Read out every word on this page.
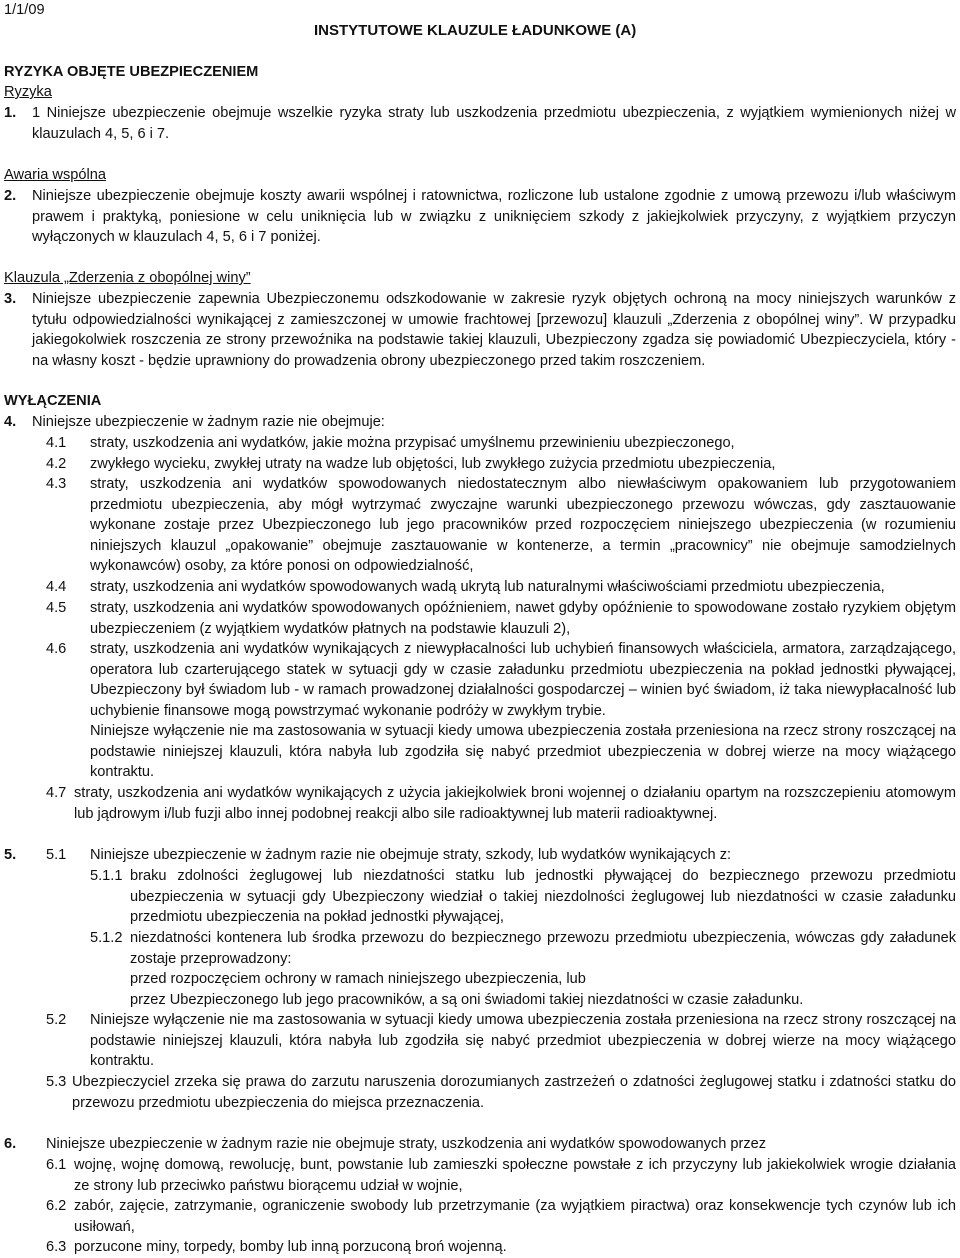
1/1/09
INSTYTUTOWE KLAUZULE ŁADUNKOWE (A)
RYZYKA OBJĘTE UBEZPIECZENIEM
Ryzyka
1. 1 Niniejsze ubezpieczenie obejmuje wszelkie ryzyka straty lub uszkodzenia przedmiotu ubezpieczenia, z wyjątkiem wymienionych niżej w klauzulach 4, 5, 6 i 7.
Awaria wspólna
2. Niniejsze ubezpieczenie obejmuje koszty awarii wspólnej i ratownictwa, rozliczone lub ustalone zgodnie z umową przewozu i/lub właściwym prawem i praktyką, poniesione w celu uniknięcia lub w związku z uniknięciem szkody z jakiejkolwiek przyczyny, z wyjątkiem przyczyn wyłączonych w klauzulach 4, 5, 6 i 7 poniżej.
Klauzula „Zderzenia z obopólnej winy”
3. Niniejsze ubezpieczenie zapewnia Ubezpieczonemu odszkodowanie w zakresie ryzyk objętych ochroną na mocy niniejszych warunków z tytułu odpowiedzialności wynikającej z zamieszczonej w umowie frachtowej [przewozu] klauzuli „Zderzenia z obopólnej winy”. W przypadku jakiegokolwiek roszczenia ze strony przewoźnika na podstawie takiej klauzuli, Ubezpieczony zgadza się powiadomić Ubezpieczyciela, który - na własny koszt - będzie uprawniony do prowadzenia obrony ubezpieczonego przed takim roszczeniem.
WYŁĄCZENIA
4. Niniejsze ubezpieczenie w żadnym razie nie obejmuje:
4.1 straty, uszkodzenia ani wydatków, jakie można przypisać umyślnemu przewinieniu ubezpieczonego,
4.2 zwykłego wycieku, zwykłej utraty na wadze lub objętości, lub zwykłego zużycia przedmiotu ubezpieczenia,
4.3 straty, uszkodzenia ani wydatków spowodowanych niedostatecznym albo niewłaściwym opakowaniem lub przygotowaniem przedmiotu ubezpieczenia, aby mógł wytrzymać zwyczajne warunki ubezpieczonego przewozu wówczas, gdy zasztauowanie wykonane zostaje przez Ubezpieczonego lub jego pracowników przed rozpoczęciem niniejszego ubezpieczenia (w rozumieniu niniejszych klauzul „opakowanie” obejmuje zasztauowanie w kontenerze, a termin „pracownicy” nie obejmuje samodzielnych wykonawców) osoby, za które ponosi on odpowiedzialność,
4.4 straty, uszkodzenia ani wydatków spowodowanych wadą ukrytą lub naturalnymi właściwościami przedmiotu ubezpieczenia,
4.5 straty, uszkodzenia ani wydatków spowodowanych opóźnieniem, nawet gdyby opóźnienie to spowodowane zostało ryzykiem objętym ubezpieczeniem (z wyjątkiem wydatków płatnych na podstawie klauzuli 2),
4.6 straty, uszkodzenia ani wydatków wynikających z niewypłacalności lub uchybień finansowych właściciela, armatora, zarządzającego, operatora lub czarterującego statek w sytuacji gdy w czasie załadunku przedmiotu ubezpieczenia na pokład jednostki pływającej, Ubezpieczony był świadom lub - w ramach prowadzonej działalności gospodarczej – winien być świadom, iż taka niewypłacalność lub uchybienie finansowe mogą powstrzymać wykonanie podróży w zwykłym trybie.
Niniejsze wyłączenie nie ma zastosowania w sytuacji kiedy umowa ubezpieczenia została przeniesiona na rzecz strony roszczącej na podstawie niniejszej klauzuli, która nabyła lub zgodziła się nabyć przedmiot ubezpieczenia w dobrej wierze na mocy wiążącego kontraktu.
4.7 straty, uszkodzenia ani wydatków wynikających z użycia jakiejkolwiek broni wojennej o działaniu opartym na rozszczepieniu atomowym lub jądrowym i/lub fuzji albo innej podobnej reakcji albo sile radioaktywnej lub materii radioaktywnej.
5. 5.1 Niniejsze ubezpieczenie w żadnym razie nie obejmuje straty, szkody, lub wydatków wynikających z:
5.1.1 braku zdolności żeglugowej lub niezdatności statku lub jednostki pływającej do bezpiecznego przewozu przedmiotu ubezpieczenia w sytuacji gdy Ubezpieczony wiedział o takiej niezdolności żeglugowej lub niezdatności w czasie załadunku przedmiotu ubezpieczenia na pokład jednostki pływającej,
5.1.2 niezdatności kontenera lub środka przewozu do bezpiecznego przewozu przedmiotu ubezpieczenia, wówczas gdy załadunek zostaje przeprowadzony:
przed rozpoczęciem ochrony w ramach niniejszego ubezpieczenia, lub
przez Ubezpieczonego lub jego pracowników, a są oni świadomi takiej niezdatności w czasie załadunku.
5.2 Niniejsze wyłączenie nie ma zastosowania w sytuacji kiedy umowa ubezpieczenia została przeniesiona na rzecz strony roszczącej na podstawie niniejszej klauzuli, która nabyła lub zgodziła się nabyć przedmiot ubezpieczenia w dobrej wierze na mocy wiążącego kontraktu.
5.3 Ubezpieczyciel zrzeka się prawa do zarzutu naruszenia dorozumianych zastrzeżeń o zdatności żeglugowej statku i zdatności statku do przewozu przedmiotu ubezpieczenia do miejsca przeznaczenia.
6. Niniejsze ubezpieczenie w żadnym razie nie obejmuje straty, uszkodzenia ani wydatków spowodowanych przez
6.1 wojnę, wojnę domową, rewolucję, bunt, powstanie lub zamieszki społeczne powstałe z ich przyczyny lub jakiekolwiek wrogie działania ze strony lub przeciwko państwu biorącemu udział w wojnie,
6.2 zabór, zajęcie, zatrzymanie, ograniczenie swobody lub przetrzymanie (za wyjątkiem piractwa) oraz konsekwencje tych czynów lub ich usiłowań,
6.3 porzucone miny, torpedy, bomby lub inną porzuconą broń wojenną.
